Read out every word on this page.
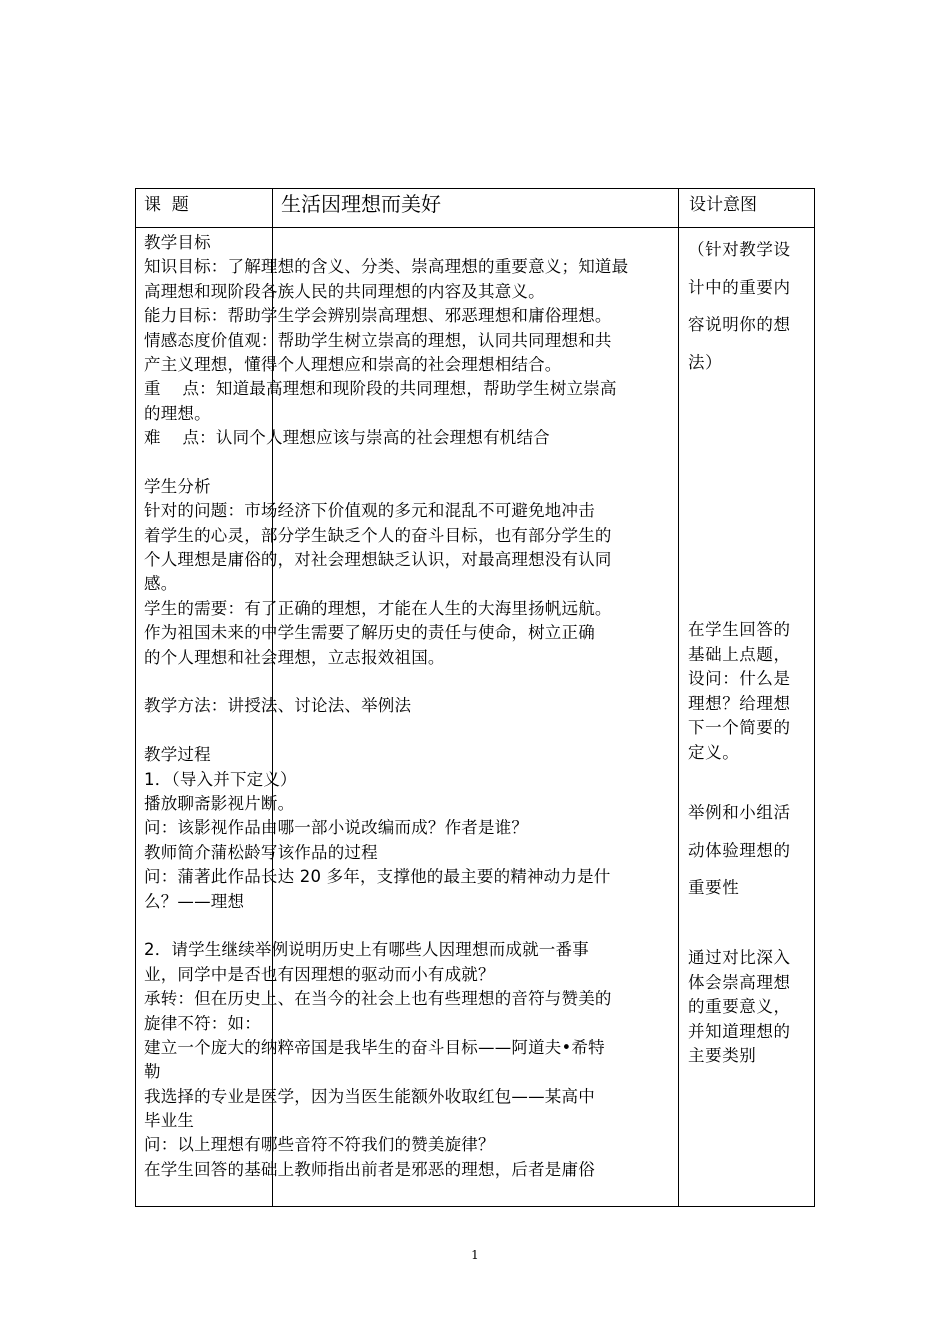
课  题	生活因理想而美好	设计意图

教学目标

知识目标：了解理想的含义、分类、崇高理想的重要意义；知道最

高理想和现阶段各族人民的共同理想的内容及其意义。

能力目标：帮助学生学会辨别崇高理想、邪恶理想和庸俗理想。

情感态度价值观：帮助学生树立崇高的理想，认同共同理想和共

产主义理想，懂得个人理想应和崇高的社会理想相结合。

重    点：知道最高理想和现阶段的共同理想，帮助学生树立崇高

的理想。

难    点：认同个人理想应该与崇高的社会理想有机结合

学生分析

针对的问题：市场经济下价值观的多元和混乱不可避免地冲击

着学生的心灵，部分学生缺乏个人的奋斗目标，也有部分学生的

个人理想是庸俗的，对社会理想缺乏认识，对最高理想没有认同

感。

学生的需要：有了正确的理想，才能在人生的大海里扬帆远航。

作为祖国未来的中学生需要了解历史的责任与使命，树立正确

的个人理想和社会理想，立志报效祖国。

教学方法：讲授法、讨论法、举例法

教学过程

1．（导入并下定义）

播放聊斋影视片断。

问：该影视作品由哪一部小说改编而成？作者是谁？

教师简介蒲松龄写该作品的过程

问：蒲著此作品长达 20 多年，支撑他的最主要的精神动力是什

么？——理想

2．请学生继续举例说明历史上有哪些人因理想而成就一番事

业，同学中是否也有因理想的驱动而小有成就？

承转：但在历史上、在当今的社会上也有些理想的音符与赞美的

旋律不符：如：

建立一个庞大的纳粹帝国是我毕生的奋斗目标——阿道夫•希特

勒

我选择的专业是医学，因为当医生能额外收取红包——某高中

毕业生

问：以上理想有哪些音符不符我们的赞美旋律？

在学生回答的基础上教师指出前者是邪恶的理想，后者是庸俗

（针对教学设

计中的重要内

容说明你的想

法）

在学生回答的

基础上点题，

设问：什么是

理想？给理想

下一个简要的

定义。

举例和小组活

动体验理想的

重要性

通过对比深入

体会崇高理想

的重要意义，

并知道理想的

主要类别

1
